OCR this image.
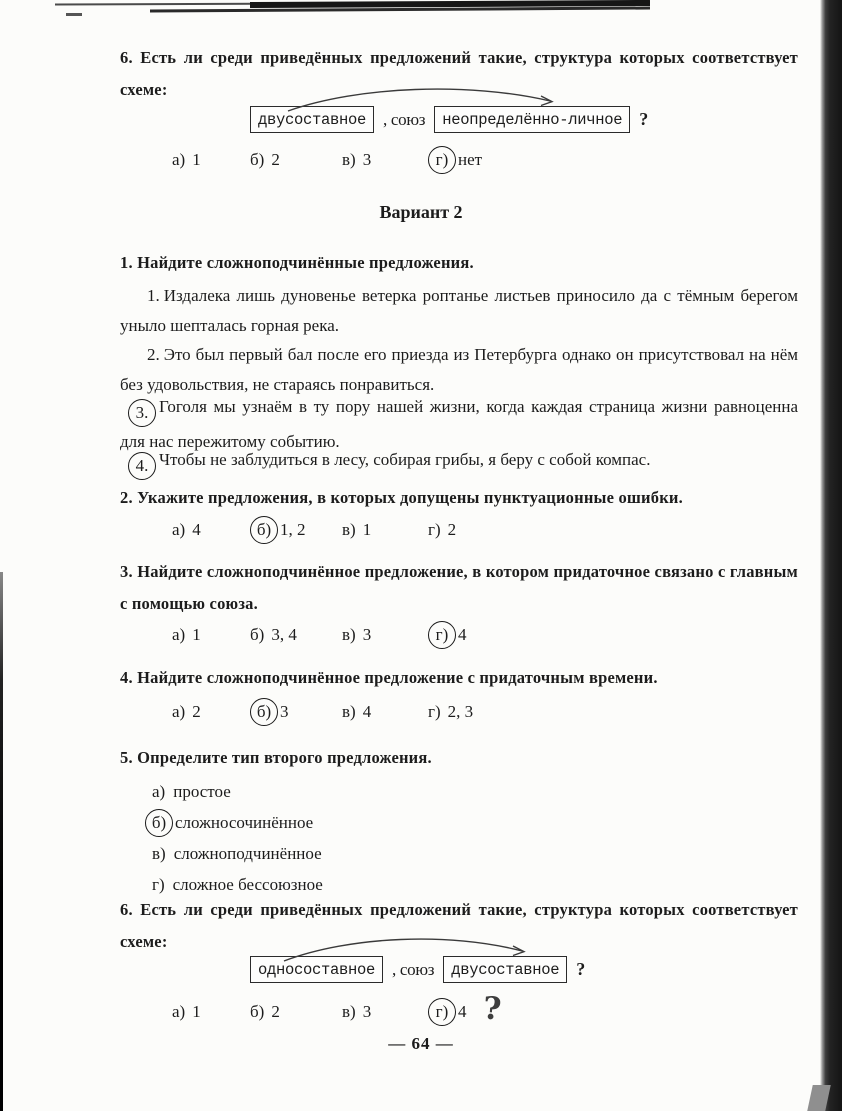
6. Есть ли среди приведённых предложений такие, структура которых соответствует схеме:
двусоставное	, союз	неопределённо-личное ?
а) 1	б) 2	в) 3	г) нет
Вариант 2
1. Найдите сложноподчинённые предложения.
1. Издалека лишь дуновенье ветерка роптанье листьев приносило да с тёмным берегом уныло шепталась горная река.
2. Это был первый бал после его приезда из Петербурга однако он присутствовал на нём без удовольствия, не стараясь понравиться.
3. Гоголя мы узнаём в ту пору нашей жизни, когда каждая страница жизни равноценна для нас пережитому событию.
4. Чтобы не заблудиться в лесу, собирая грибы, я беру с собой компас.
2. Укажите предложения, в которых допущены пунктуационные ошибки.
а) 4	б) 1, 2 в) 1	г) 2
3. Найдите сложноподчинённое предложение, в котором придаточное связано с главным с помощью союза.
а) 1	б) 3, 4	в) 3	г) 4
4. Найдите сложноподчинённое предложение с придаточным времени.
а) 2	б) 3	в) 4	г) 2, 3
5. Определите тип второго предложения.
а) простое
б) сложносочинённое
в) сложноподчинённое
г) сложное бессоюзное
6. Есть ли среди приведённых предложений такие, структура которых соответствует схеме:
односоставное	, союз	двусоставное ?
а) 1	б) 2	в) 3	г) 4 ?
— 64 —
